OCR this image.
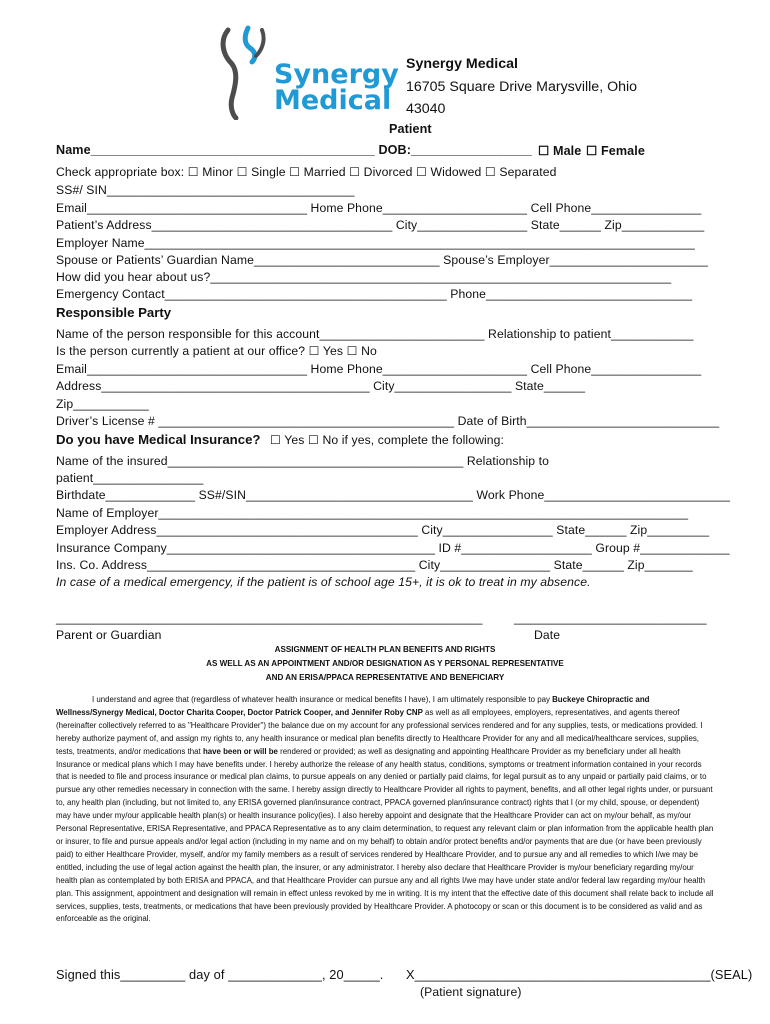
Synergy
Medical
Synergy Medical
16705 Square Drive Marysville, Ohio
43040
Patient
Name________________________________________ DOB:_________________ ☐ Male ☐ Female
Check appropriate box: ☐ Minor ☐ Single ☐ Married ☐ Divorced ☐ Widowed ☐ Separated
SS#/ SIN____________________________________
Email________________________________ Home Phone_____________________ Cell Phone________________
Patient’s Address___________________________________ City________________ State______ Zip____________
Employer Name________________________________________________________________________________
Spouse or Patients’ Guardian Name___________________________ Spouse’s Employer_______________________
How did you hear about us?___________________________________________________________________
Emergency Contact_________________________________________ Phone______________________________
Responsible Party
Name of the person responsible for this account________________________ Relationship to patient____________
Is the person currently a patient at our office? ☐ Yes ☐ No
Email________________________________ Home Phone_____________________ Cell Phone________________
Address_______________________________________ City_________________ State______
Zip___________
Driver’s License # ___________________________________________ Date of Birth____________________________
Do you have Medical Insurance? ☐ Yes ☐ No if yes, complete the following:
Name of the insured___________________________________________ Relationship to
patient________________
Birthdate_____________ SS#/SIN_________________________________ Work Phone___________________________
Name of Employer_____________________________________________________________________________
Employer Address______________________________________ City________________ State______ Zip_________
Insurance Company_______________________________________ ID #___________________ Group #_____________
Ins. Co. Address_______________________________________ City________________ State______ Zip_______
In case of a medical emergency, if the patient is of school age 15+, it is ok to treat in my absence.
______________________________________________________________	____________________________
Parent or Guardian	Date
ASSIGNMENT OF HEALTH PLAN BENEFITS AND RIGHTS
AS WELL AS AN APPOINTMENT AND/OR DESIGNATION AS Y PERSONAL REPRESENTATIVE
AND AN ERISA/PPACA REPRESENTATIVE AND BENEFICIARY
I understand and agree that (regardless of whatever health insurance or medical benefits I have), I am ultimately responsible to pay Buckeye Chiropractic and Wellness/Synergy Medical, Doctor Charita Cooper, Doctor Patrick Cooper, and Jennifer Roby CNP as well as all employees, employers, representatives, and agents thereof (hereinafter collectively referred to as "Healthcare Provider") the balance due on my account for any professional services rendered and for any supplies, tests, or medications provided. I hereby authorize payment of, and assign my rights to, any health insurance or medical plan benefits directly to Healthcare Provider for any and all medical/healthcare services, supplies, tests, treatments, and/or medications that have been or will be rendered or provided; as well as designating and appointing Healthcare Provider as my beneficiary under all health Insurance or medical plans which I may have benefits under. I hereby authorize the release of any health status, conditions, symptoms or treatment information contained in your records that is needed to file and process insurance or medical plan claims, to pursue appeals on any denied or partially paid claims, for legal pursuit as to any unpaid or partially paid claims, or to pursue any other remedies necessary in connection with the same. I hereby assign directly to Healthcare Provider all rights to payment, benefits, and all other legal rights under, or pursuant to, any health plan (including, but not limited to, any ERISA governed plan/insurance contract, PPACA governed plan/insurance contract) rights that I (or my child, spouse, or dependent) may have under my/our applicable health plan(s) or health insurance policy(ies). I also hereby appoint and designate that the Healthcare Provider can act on my/our behalf, as my/our Personal Representative, ERISA Representative, and PPACA Representative as to any claim determination, to request any relevant claim or plan information from the applicable health plan or insurer, to file and pursue appeals and/or legal action (including in my name and on my behalf) to obtain and/or protect benefits and/or payments that are due (or have been previously paid) to either Healthcare Provider, myself, and/or my family members as a result of services rendered by Healthcare Provider, and to pursue any and all remedies to which I/we may be entitled, including the use of legal action against the health plan, the insurer, or any administrator. I hereby also declare that Healthcare Provider is my/our beneficiary regarding my/our health plan as contemplated by both ERISA and PPACA, and that Healthcare Provider can pursue any and all rights I/we may have under state and/or federal law regarding my/our health plan. This assignment, appointment and designation will remain in effect unless revoked by me in writing. It is my intent that the effective date of this document shall relate back to include all services, supplies, tests, treatments, or medications that have been previously provided by Healthcare Provider. A photocopy or scan or this document is to be considered as valid and as enforceable as the original.
Signed this_________ day of _____________, 20_____. X_________________________________________(SEAL)
(Patient signature)
